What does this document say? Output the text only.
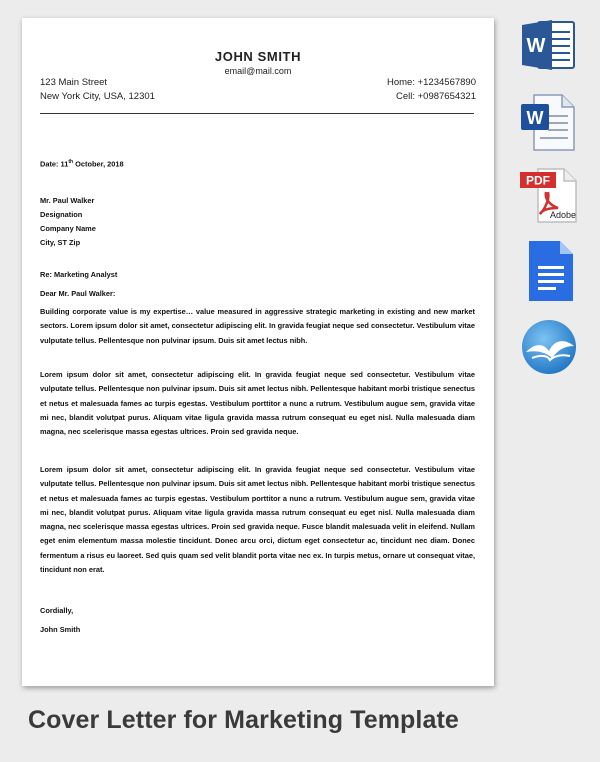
JOHN SMITH
email@mail.com
123 Main Street
New York City, USA, 12301
Home: +1234567890
Cell: +0987654321
Date: 11th October, 2018
Mr. Paul Walker
Designation
Company Name
City, ST Zip
Re: Marketing Analyst
Dear Mr. Paul Walker:
Building corporate value is my expertise… value measured in aggressive strategic marketing in existing and new market sectors. Lorem ipsum dolor sit amet, consectetur adipiscing elit. In gravida feugiat neque sed consectetur. Vestibulum vitae vulputate tellus. Pellentesque non pulvinar ipsum. Duis sit amet lectus nibh.
Lorem ipsum dolor sit amet, consectetur adipiscing elit. In gravida feugiat neque sed consectetur. Vestibulum vitae vulputate tellus. Pellentesque non pulvinar ipsum. Duis sit amet lectus nibh. Pellentesque habitant morbi tristique senectus et netus et malesuada fames ac turpis egestas. Vestibulum porttitor a nunc a rutrum. Vestibulum augue sem, gravida vitae mi nec, blandit volutpat purus. Aliquam vitae ligula gravida massa rutrum consequat eu eget nisl. Nulla malesuada diam magna, nec scelerisque massa egestas ultrices. Proin sed gravida neque.
Lorem ipsum dolor sit amet, consectetur adipiscing elit. In gravida feugiat neque sed consectetur. Vestibulum vitae vulputate tellus. Pellentesque non pulvinar ipsum. Duis sit amet lectus nibh. Pellentesque habitant morbi tristique senectus et netus et malesuada fames ac turpis egestas. Vestibulum porttitor a nunc a rutrum. Vestibulum augue sem, gravida vitae mi nec, blandit volutpat purus. Aliquam vitae ligula gravida massa rutrum consequat eu eget nisl. Nulla malesuada diam magna, nec scelerisque massa egestas ultrices. Proin sed gravida neque. Fusce blandit malesuada velit in eleifend. Nullam eget enim elementum massa molestie tincidunt. Donec arcu orci, dictum eget consectetur ac, tincidunt nec diam. Donec fermentum a risus eu laoreet. Sed quis quam sed velit blandit porta vitae nec ex. In turpis metus, ornare ut consequat vitae, tincidunt non erat.
Cordially,
John Smith
W
W
PDF
Adobe
Cover Letter for Marketing Template
